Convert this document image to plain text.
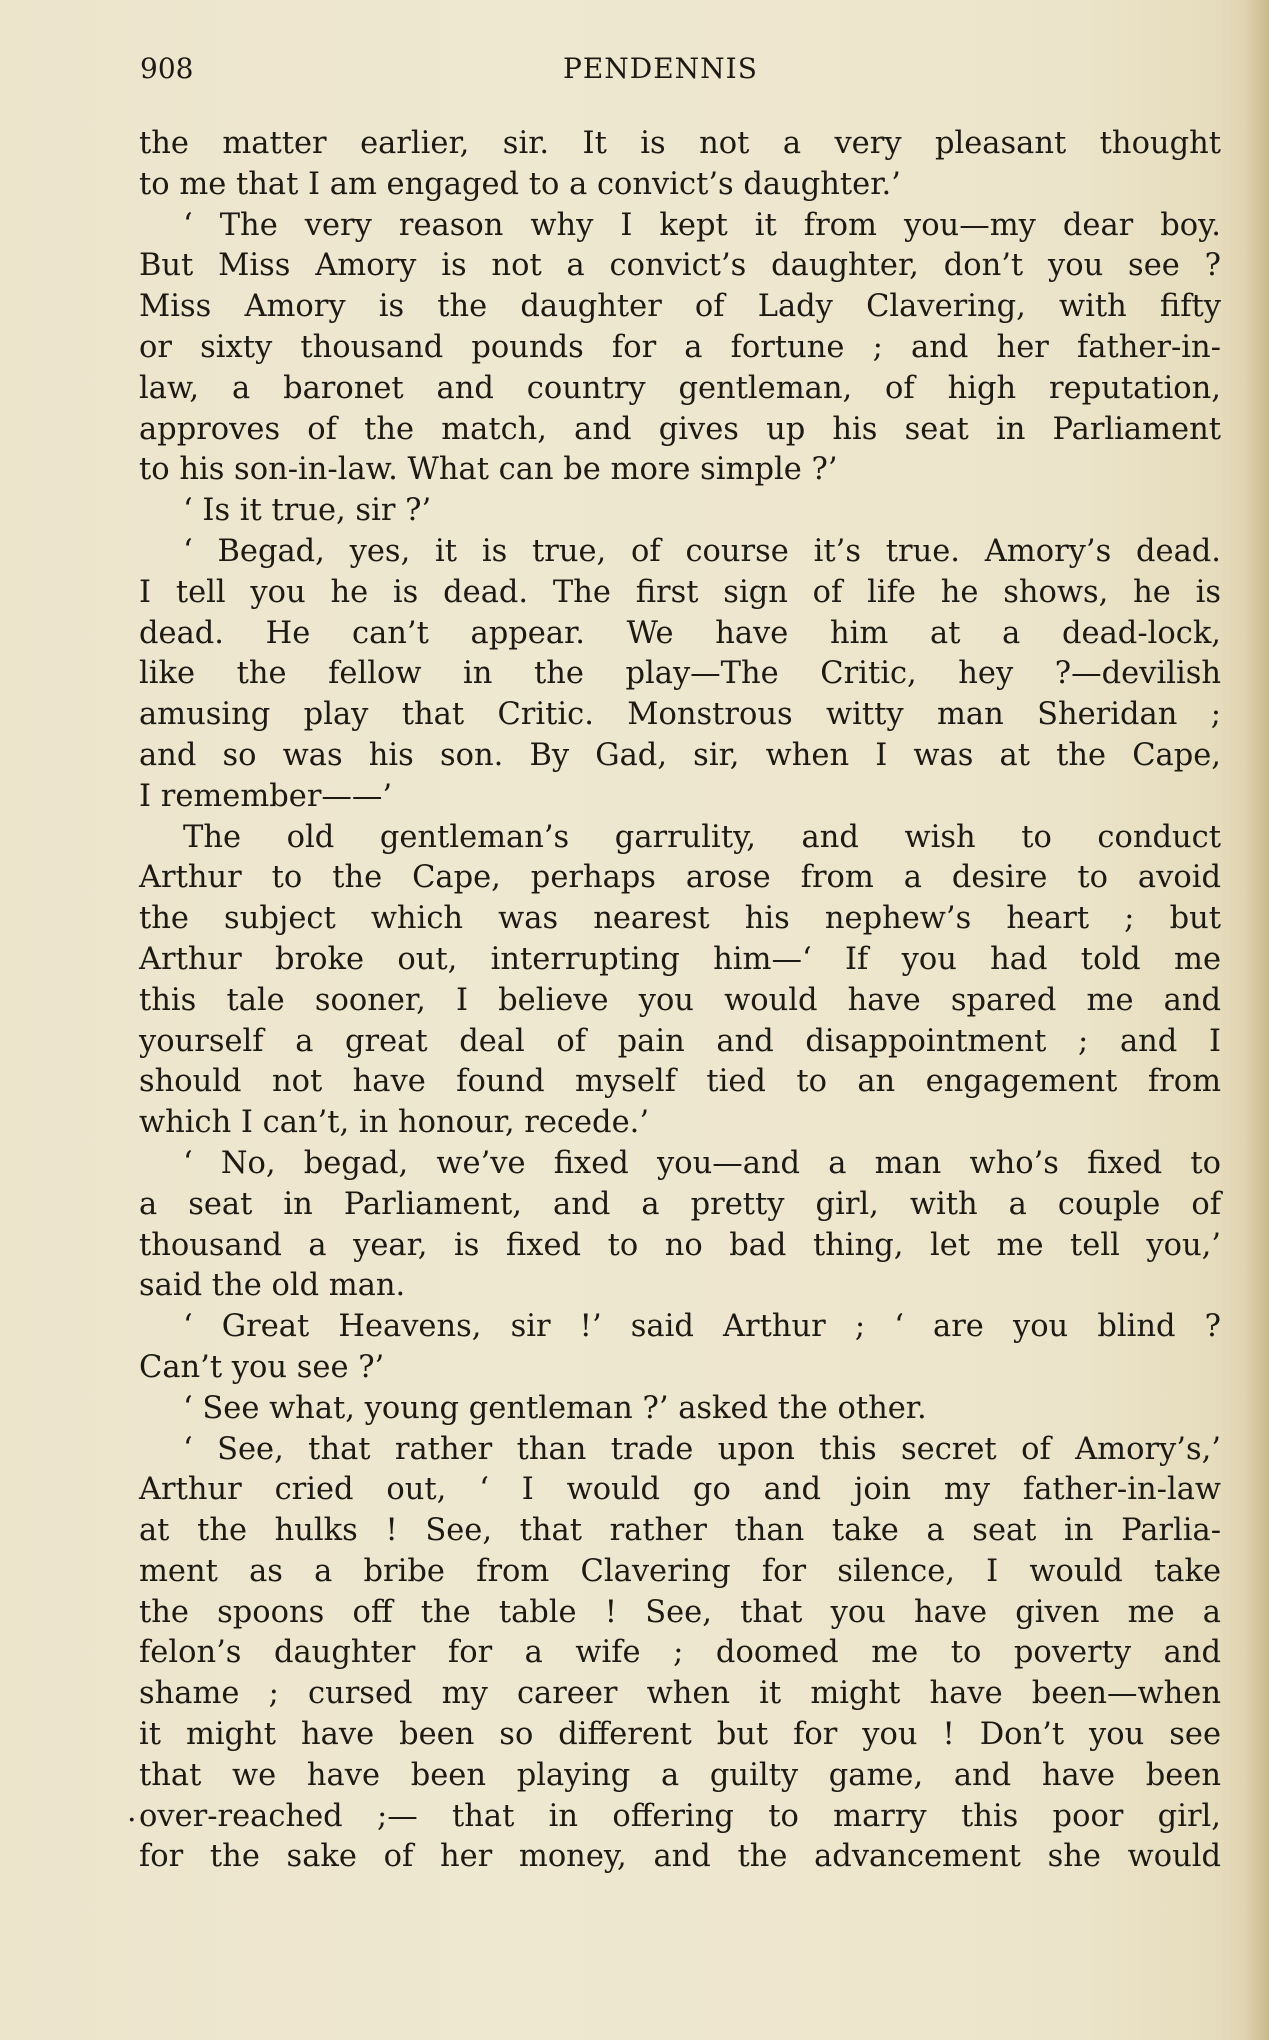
908	PENDENNIS
.
the matter earlier, sir. It is not a very pleasant thought
to me that I am engaged to a convict’s daughter.’
‘ The very reason why I kept it from you—my dear boy.
But Miss Amory is not a convict’s daughter, don’t you see ?
Miss Amory is the daughter of Lady Clavering, with fifty
or sixty thousand pounds for a fortune ; and her father-in-
law, a baronet and country gentleman, of high reputation,
approves of the match, and gives up his seat in Parliament
to his son-in-law. What can be more simple ?’
‘ Is it true, sir ?’
‘ Begad, yes, it is true, of course it’s true. Amory’s dead.
I tell you he is dead. The first sign of life he shows, he is
dead. He can’t appear. We have him at a dead-lock,
like the fellow in the play—The Critic, hey ?—devilish
amusing play that Critic. Monstrous witty man Sheridan ;
and so was his son. By Gad, sir, when I was at the Cape,
I remember——’
The old gentleman’s garrulity, and wish to conduct
Arthur to the Cape, perhaps arose from a desire to avoid
the subject which was nearest his nephew’s heart ; but
Arthur broke out, interrupting him—‘ If you had told me
this tale sooner, I believe you would have spared me and
yourself a great deal of pain and disappointment ; and I
should not have found myself tied to an engagement from
which I can’t, in honour, recede.’
‘ No, begad, we’ve fixed you—and a man who’s fixed to
a seat in Parliament, and a pretty girl, with a couple of
thousand a year, is fixed to no bad thing, let me tell you,’
said the old man.
‘ Great Heavens, sir !’ said Arthur ; ‘ are you blind ?
Can’t you see ?’
‘ See what, young gentleman ?’ asked the other.
‘ See, that rather than trade upon this secret of Amory’s,’
Arthur cried out, ‘ I would go and join my father-in-law
at the hulks ! See, that rather than take a seat in Parlia-
ment as a bribe from Clavering for silence, I would take
the spoons off the table ! See, that you have given me a
felon’s daughter for a wife ; doomed me to poverty and
shame ; cursed my career when it might have been—when
it might have been so different but for you ! Don’t you see
that we have been playing a guilty game, and have been
over-reached ;— that in offering to marry this poor girl,
for the sake of her money, and the advancement she would
